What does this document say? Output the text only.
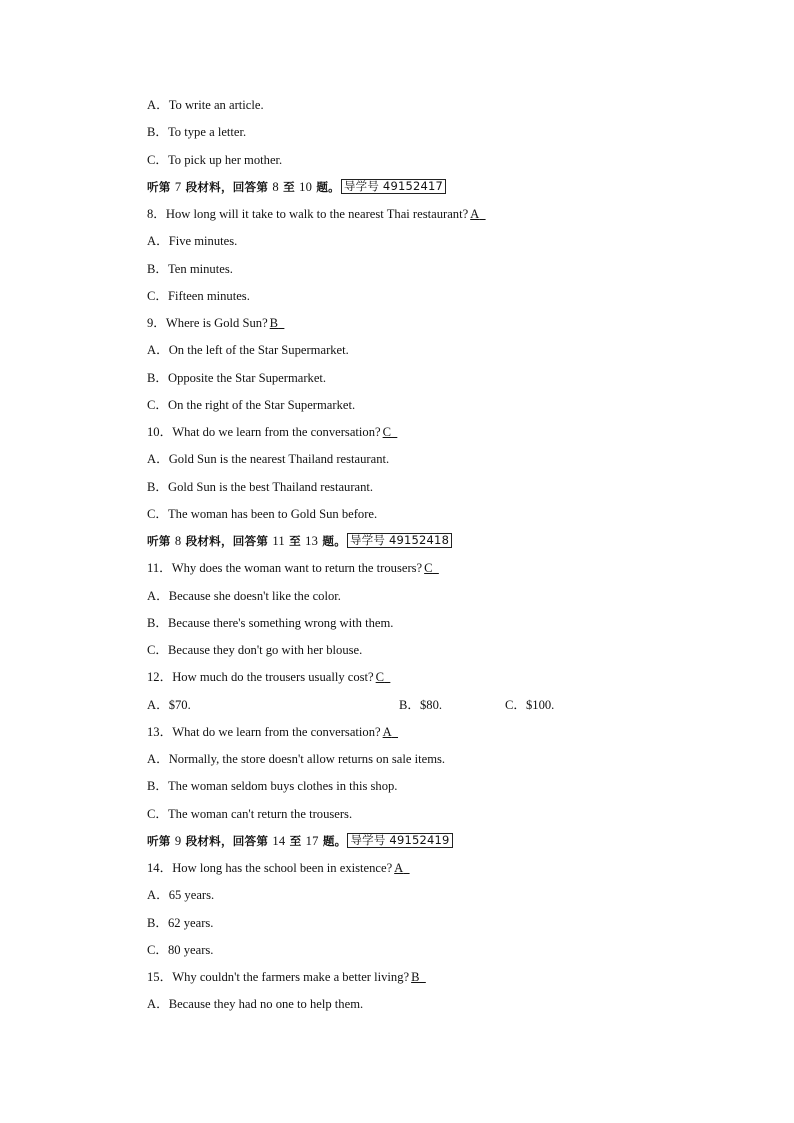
A．To write an article.
B．To type a letter.
C．To pick up her mother.
听第 7 段材料，回答第 8 至 10 题。 导学号 49152417
8．How long will it take to walk to the nearest Thai restaurant? A
A．Five minutes.
B．Ten minutes.
C．Fifteen minutes.
9．Where is Gold Sun? B
A．On the left of the Star Supermarket.
B．Opposite the Star Supermarket.
C．On the right of the Star Supermarket.
10．What do we learn from the conversation? C
A．Gold Sun is the nearest Thailand restaurant.
B．Gold Sun is the best Thailand restaurant.
C．The woman has been to Gold Sun before.
听第 8 段材料，回答第 11 至 13 题。 导学号 49152418
11．Why does the woman want to return the trousers? C
A．Because she doesn't like the color.
B．Because there's something wrong with them.
C．Because they don't go with her blouse.
12．How much do the trousers usually cost? C
A．$70.	B．$80.	C．$100.
13．What do we learn from the conversation? A
A．Normally, the store doesn't allow returns on sale items.
B．The woman seldom buys clothes in this shop.
C．The woman can't return the trousers.
听第 9 段材料，回答第 14 至 17 题。 导学号 49152419
14．How long has the school been in existence? A
A．65 years.
B．62 years.
C．80 years.
15．Why couldn't the farmers make a better living? B
A．Because they had no one to help them.
